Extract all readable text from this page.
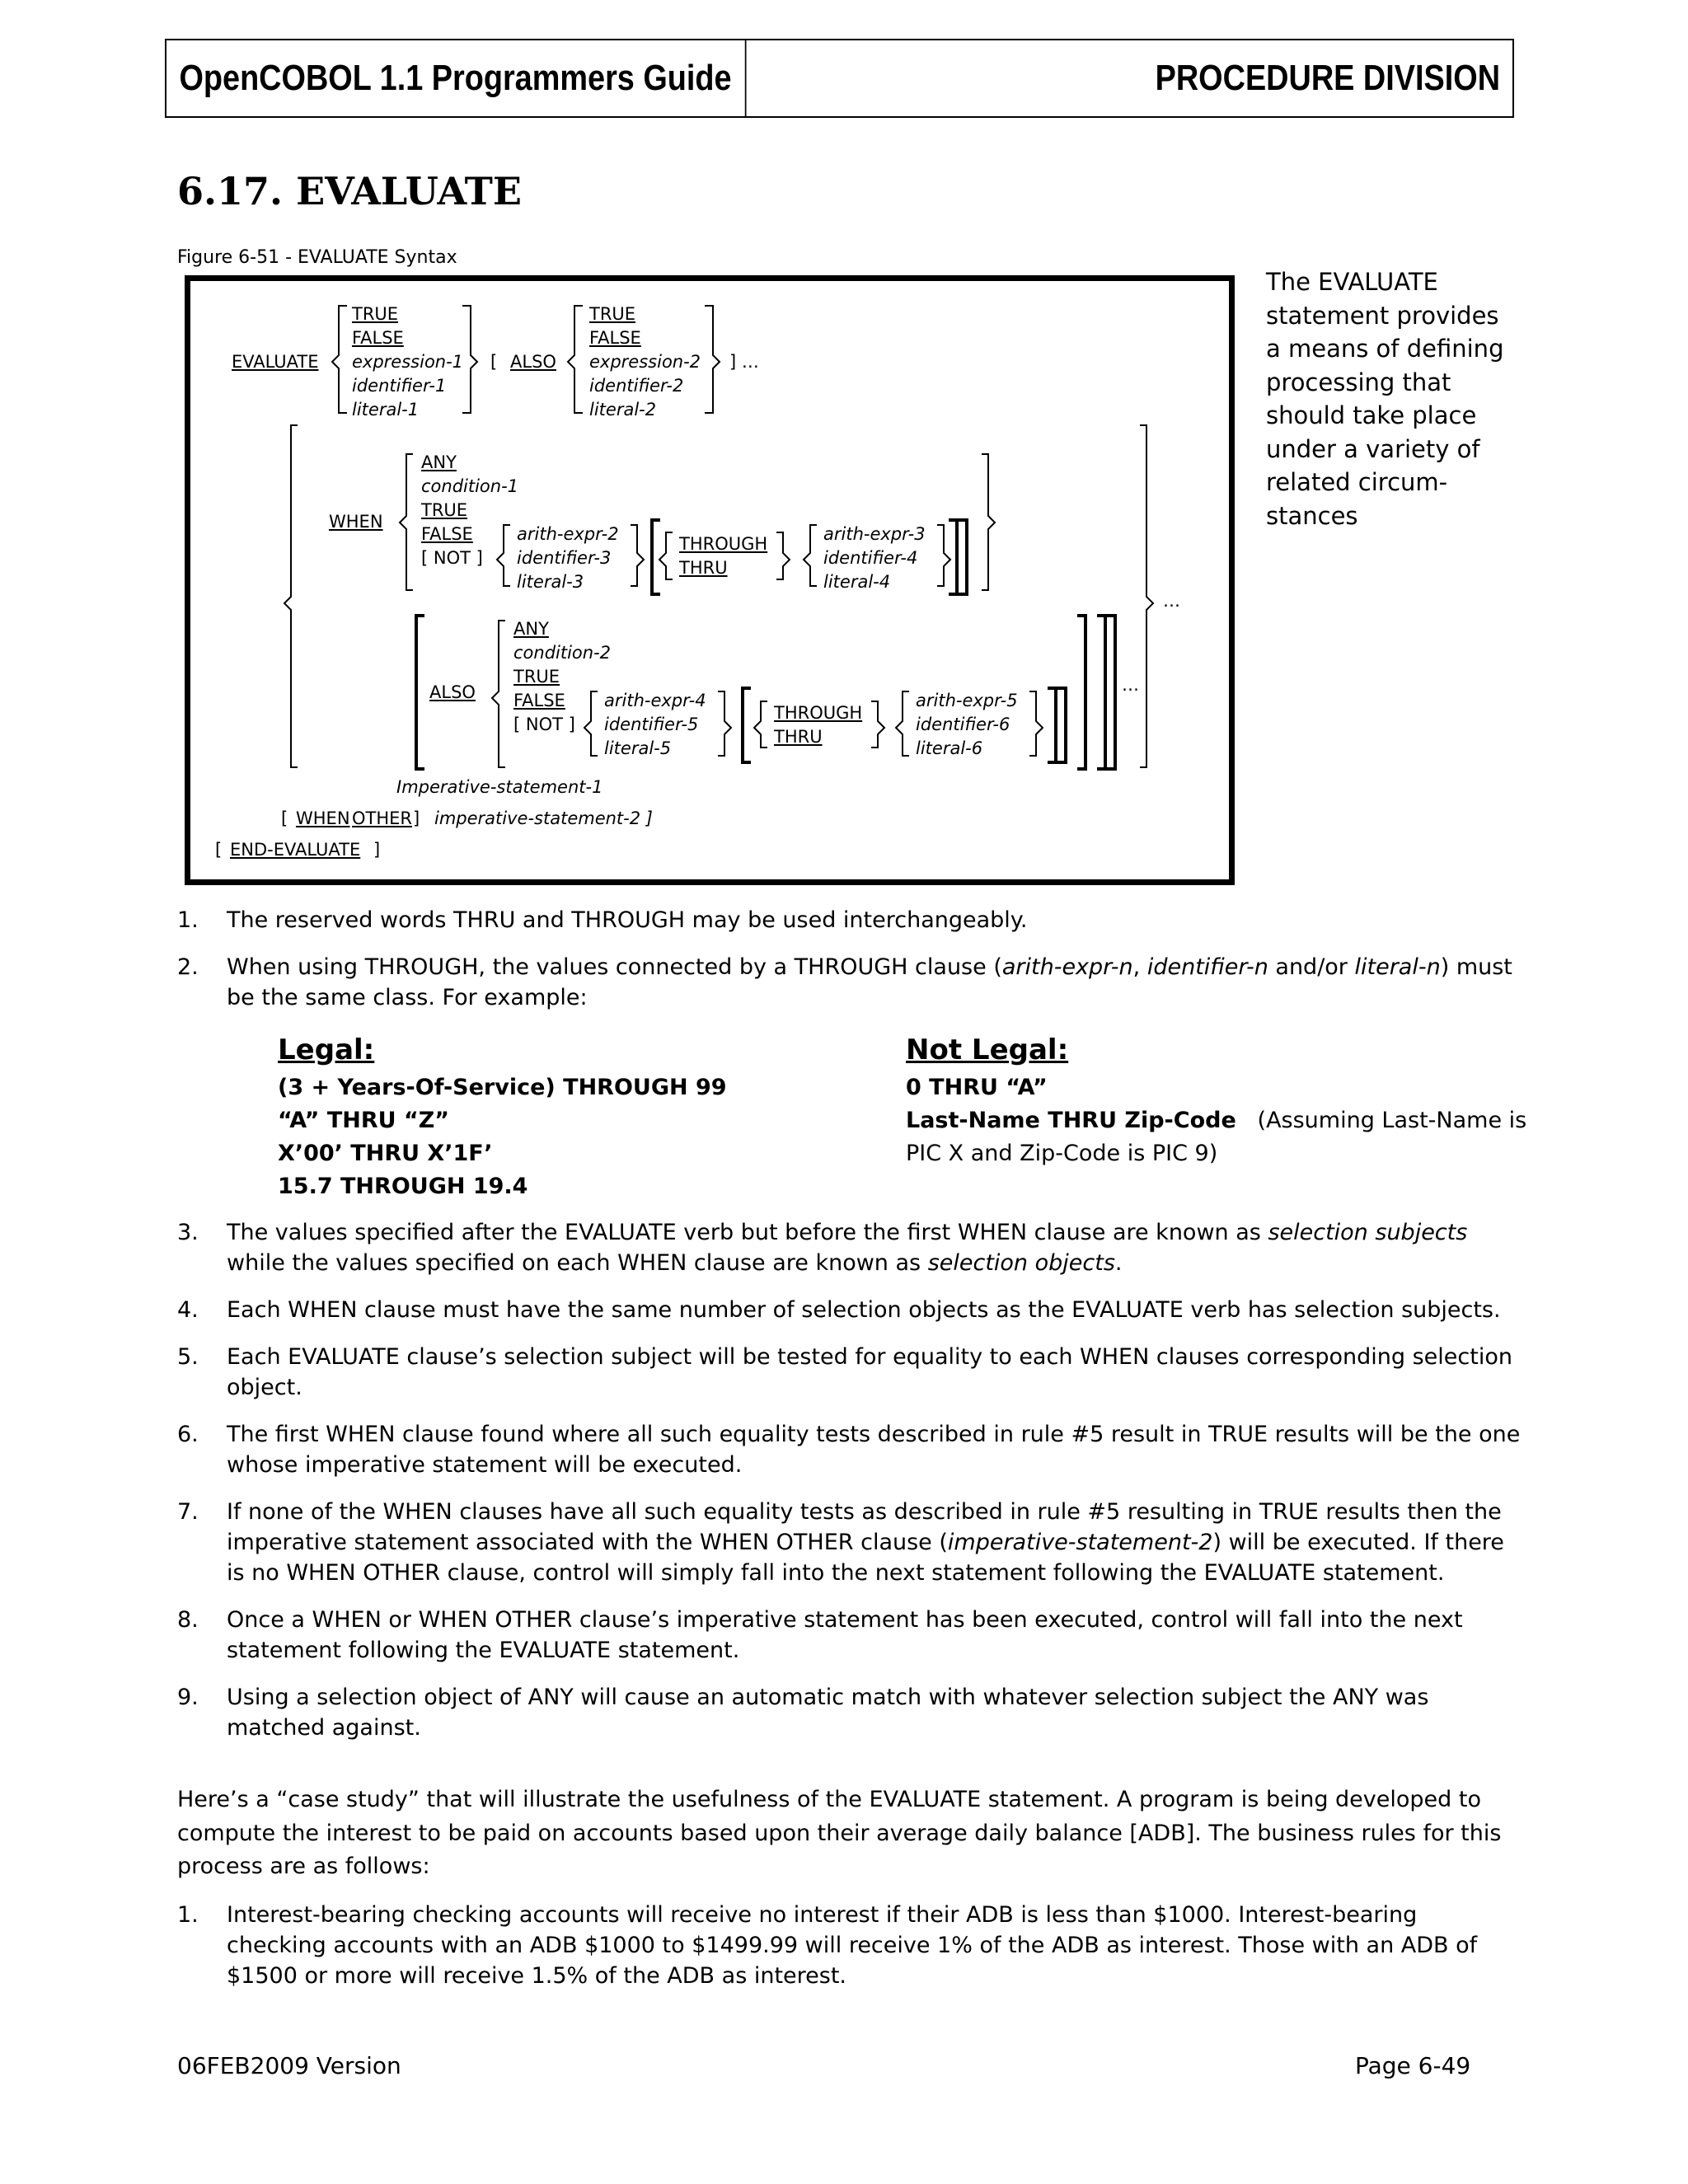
OpenCOBOL 1.1 Programmers Guide	PROCEDURE DIVISION
6.17. EVALUATE
Figure 6-51 - EVALUATE Syntax
EVALUATE
TRUE
FALSE
expression-1
identifier-1
literal-1
[ ALSO
TRUE
FALSE
expression-2
identifier-2
literal-2
] …
WHEN
ANY
condition-1
TRUE
FALSE
[ NOT ]
arith-expr-2
identifier-3
literal-3
THROUGH
THRU
arith-expr-3
identifier-4
literal-4
…
ALSO
ANY
condition-2
TRUE
FALSE
[ NOT ]
arith-expr-4
identifier-5
literal-5
THROUGH
THRU
arith-expr-5
identifier-6
literal-6
…
Imperative-statement-1
[ WHEN OTHER ] imperative-statement-2 ]
[ END-EVALUATE ]
The EVALUATE statement provides a means of defining processing that should take place under a variety of related circum-stances
1. The reserved words THRU and THROUGH may be used interchangeably.
2. When using THROUGH, the values connected by a THROUGH clause (arith-expr-n, identifier-n and/or literal-n) must be the same class. For example:
Legal:
(3 + Years-Of-Service) THROUGH 99
“A” THRU “Z”
X’00’ THRU X’1F’
15.7 THROUGH 19.4
Not Legal:
0 THRU “A”
Last-Name THRU Zip-Code (Assuming Last-Name is
PIC X and Zip-Code is PIC 9)
3. The values specified after the EVALUATE verb but before the first WHEN clause are known as selection subjects while the values specified on each WHEN clause are known as selection objects.
4. Each WHEN clause must have the same number of selection objects as the EVALUATE verb has selection subjects.
5. Each EVALUATE clause’s selection subject will be tested for equality to each WHEN clauses corresponding selection object.
6. The first WHEN clause found where all such equality tests described in rule #5 result in TRUE results will be the one whose imperative statement will be executed.
7. If none of the WHEN clauses have all such equality tests as described in rule #5 resulting in TRUE results then the imperative statement associated with the WHEN OTHER clause (imperative-statement-2) will be executed. If there is no WHEN OTHER clause, control will simply fall into the next statement following the EVALUATE statement.
8. Once a WHEN or WHEN OTHER clause’s imperative statement has been executed, control will fall into the next statement following the EVALUATE statement.
9. Using a selection object of ANY will cause an automatic match with whatever selection subject the ANY was matched against.
Here’s a “case study” that will illustrate the usefulness of the EVALUATE statement. A program is being developed to compute the interest to be paid on accounts based upon their average daily balance [ADB]. The business rules for this process are as follows:
1. Interest-bearing checking accounts will receive no interest if their ADB is less than $1000. Interest-bearing checking accounts with an ADB $1000 to $1499.99 will receive 1% of the ADB as interest. Those with an ADB of $1500 or more will receive 1.5% of the ADB as interest.
06FEB2009 Version	Page 6-49
